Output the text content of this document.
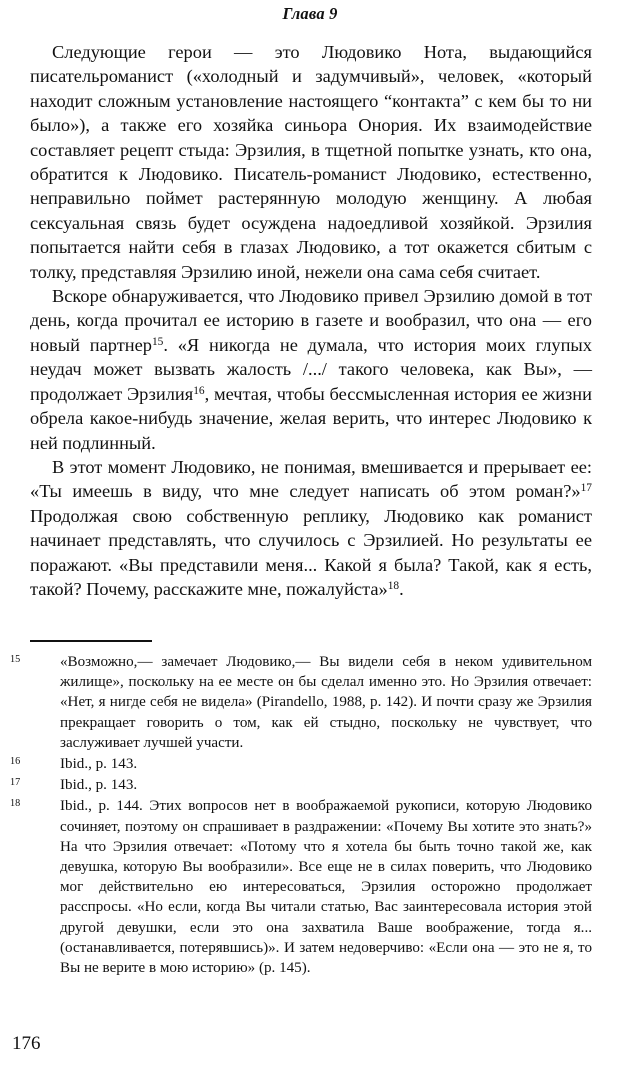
Глава 9

Следующие герои — это Людовико Нота, выдающийся писательроманист («холодный и задумчивый», человек, «который находит сложным установление настоящего “контакта” с кем бы то ни было»), а также его хозяйка синьора Онория. Их взаимодействие составляет рецепт стыда: Эрзилия, в тщетной попытке узнать, кто она, обратится к Людовико. Писатель-романист Людовико, естественно, неправильно поймет растерянную молодую женщину. А любая сексуальная связь будет осуждена надоедливой хозяйкой. Эрзилия попытается найти себя в глазах Людовико, а тот окажется сбитым с толку, представляя Эрзилию иной, нежели она сама себя считает.

Вскоре обнаруживается, что Людовико привел Эрзилию домой в тот день, когда прочитал ее историю в газете и вообразил, что она — его новый партнер$^{15}$. «Я никогда не думала, что история моих глупых неудач может вызвать жалость /.../ такого человека, как Вы», — продолжает Эрзилия$^{16}$, мечтая, чтобы бессмысленная история ее жизни обрела какое-нибудь значение, желая верить, что интерес Людовико к ней подлинный.

В этот момент Людовико, не понимая, вмешивается и прерывает ее: «Ты имеешь в виду, что мне следует написать об этом роман?»$^{17}$ Продолжая свою собственную реплику, Людовико как романист начинает представлять, что случилось с Эрзилией. Но результаты ее поражают. «Вы представили меня... Какой я была? Такой, как я есть, такой? Почему, расскажите мне, пожалуйста»$^{18}$.

15	«Возможно,— замечает Людовико,— Вы видели себя в неком удивительном жилище», поскольку на ее месте он бы сделал именно это. Но Эрзилия отвечает: «Нет, я нигде себя не видела» (Pirandello, 1988, p. 142). И почти сразу же Эрзилия прекращает говорить о том, как ей стыдно, поскольку не чувствует, что заслуживает лучшей участи.
16	Ibid., p. 143.
17	Ibid., p. 143.
18	Ibid., p. 144. Этих вопросов нет в воображаемой рукописи, которую Людовико сочиняет, поэтому он спрашивает в раздражении: «Почему Вы хотите это знать?» На что Эрзилия отвечает: «Потому что я хотела бы быть точно такой же, как девушка, которую Вы вообразили». Все еще не в силах поверить, что Людовико мог действительно ею интересоваться, Эрзилия осторожно продолжает расспросы. «Но если, когда Вы читали статью, Вас заинтересовала история этой другой девушки, если это она захватила Ваше воображение, тогда я... (останавливается, потерявшись)». И затем недоверчиво: «Если она — это не я, то Вы не верите в мою историю» (p. 145).
176
